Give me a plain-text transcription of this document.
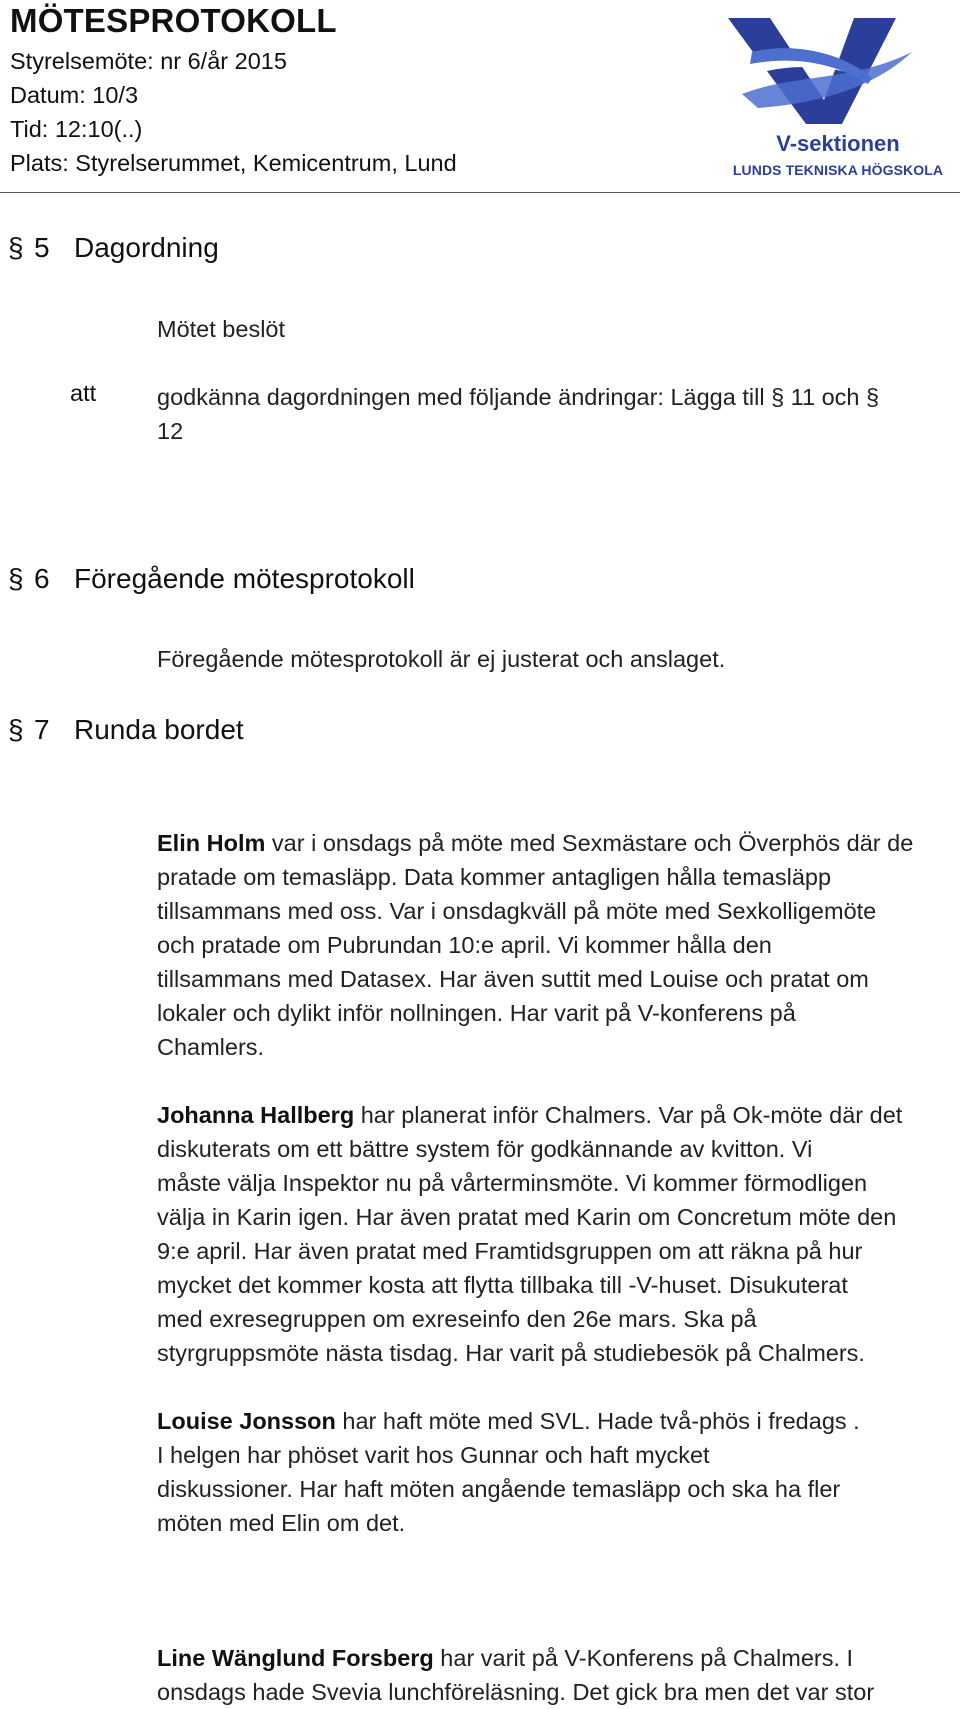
MÖTESPROTOKOLL
Styrelsemöte: nr 6/år 2015
Datum: 10/3
Tid: 12:10(..)
Plats: Styrelserummet, Kemicentrum, Lund
V-sektionen
LUNDS TEKNISKA HÖGSKOLA
§ 5 Dagordning
Mötet beslöt
att	godkänna dagordningen med följande ändringar: Lägga till § 11 och §
12
§ 6 Föregående mötesprotokoll
Föregående mötesprotokoll är ej justerat och anslaget.
§ 7 Runda bordet
Elin Holm var i onsdags på möte med Sexmästare och Överphös där de
pratade om temasläpp. Data kommer antagligen hålla temasläpp
tillsammans med oss. Var i onsdagkväll på möte med Sexkolligemöte
och pratade om Pubrundan 10:e april. Vi kommer hålla den
tillsammans med Datasex. Har även suttit med Louise och pratat om
lokaler och dylikt inför nollningen. Har varit på V-konferens på
Chamlers.
Johanna Hallberg har planerat inför Chalmers. Var på Ok-möte där det
diskuterats om ett bättre system för godkännande av kvitton. Vi
måste välja Inspektor nu på vårterminsmöte. Vi kommer förmodligen
välja in Karin igen. Har även pratat med Karin om Concretum möte den
9:e april. Har även pratat med Framtidsgruppen om att räkna på hur
mycket det kommer kosta att flytta tillbaka till -V-huset. Disukuterat
med exresegruppen om exreseinfo den 26e mars. Ska på
styrgruppsmöte nästa tisdag. Har varit på studiebesök på Chalmers.
Louise Jonsson har haft möte med SVL. Hade två-phös i fredags .
I helgen har phöset varit hos Gunnar och haft mycket
diskussioner. Har haft möten angående temasläpp och ska ha fler
möten med Elin om det.
Line Wänglund Forsberg har varit på V-Konferens på Chalmers. I
onsdags hade Svevia lunchföreläsning. Det gick bra men det var stor
